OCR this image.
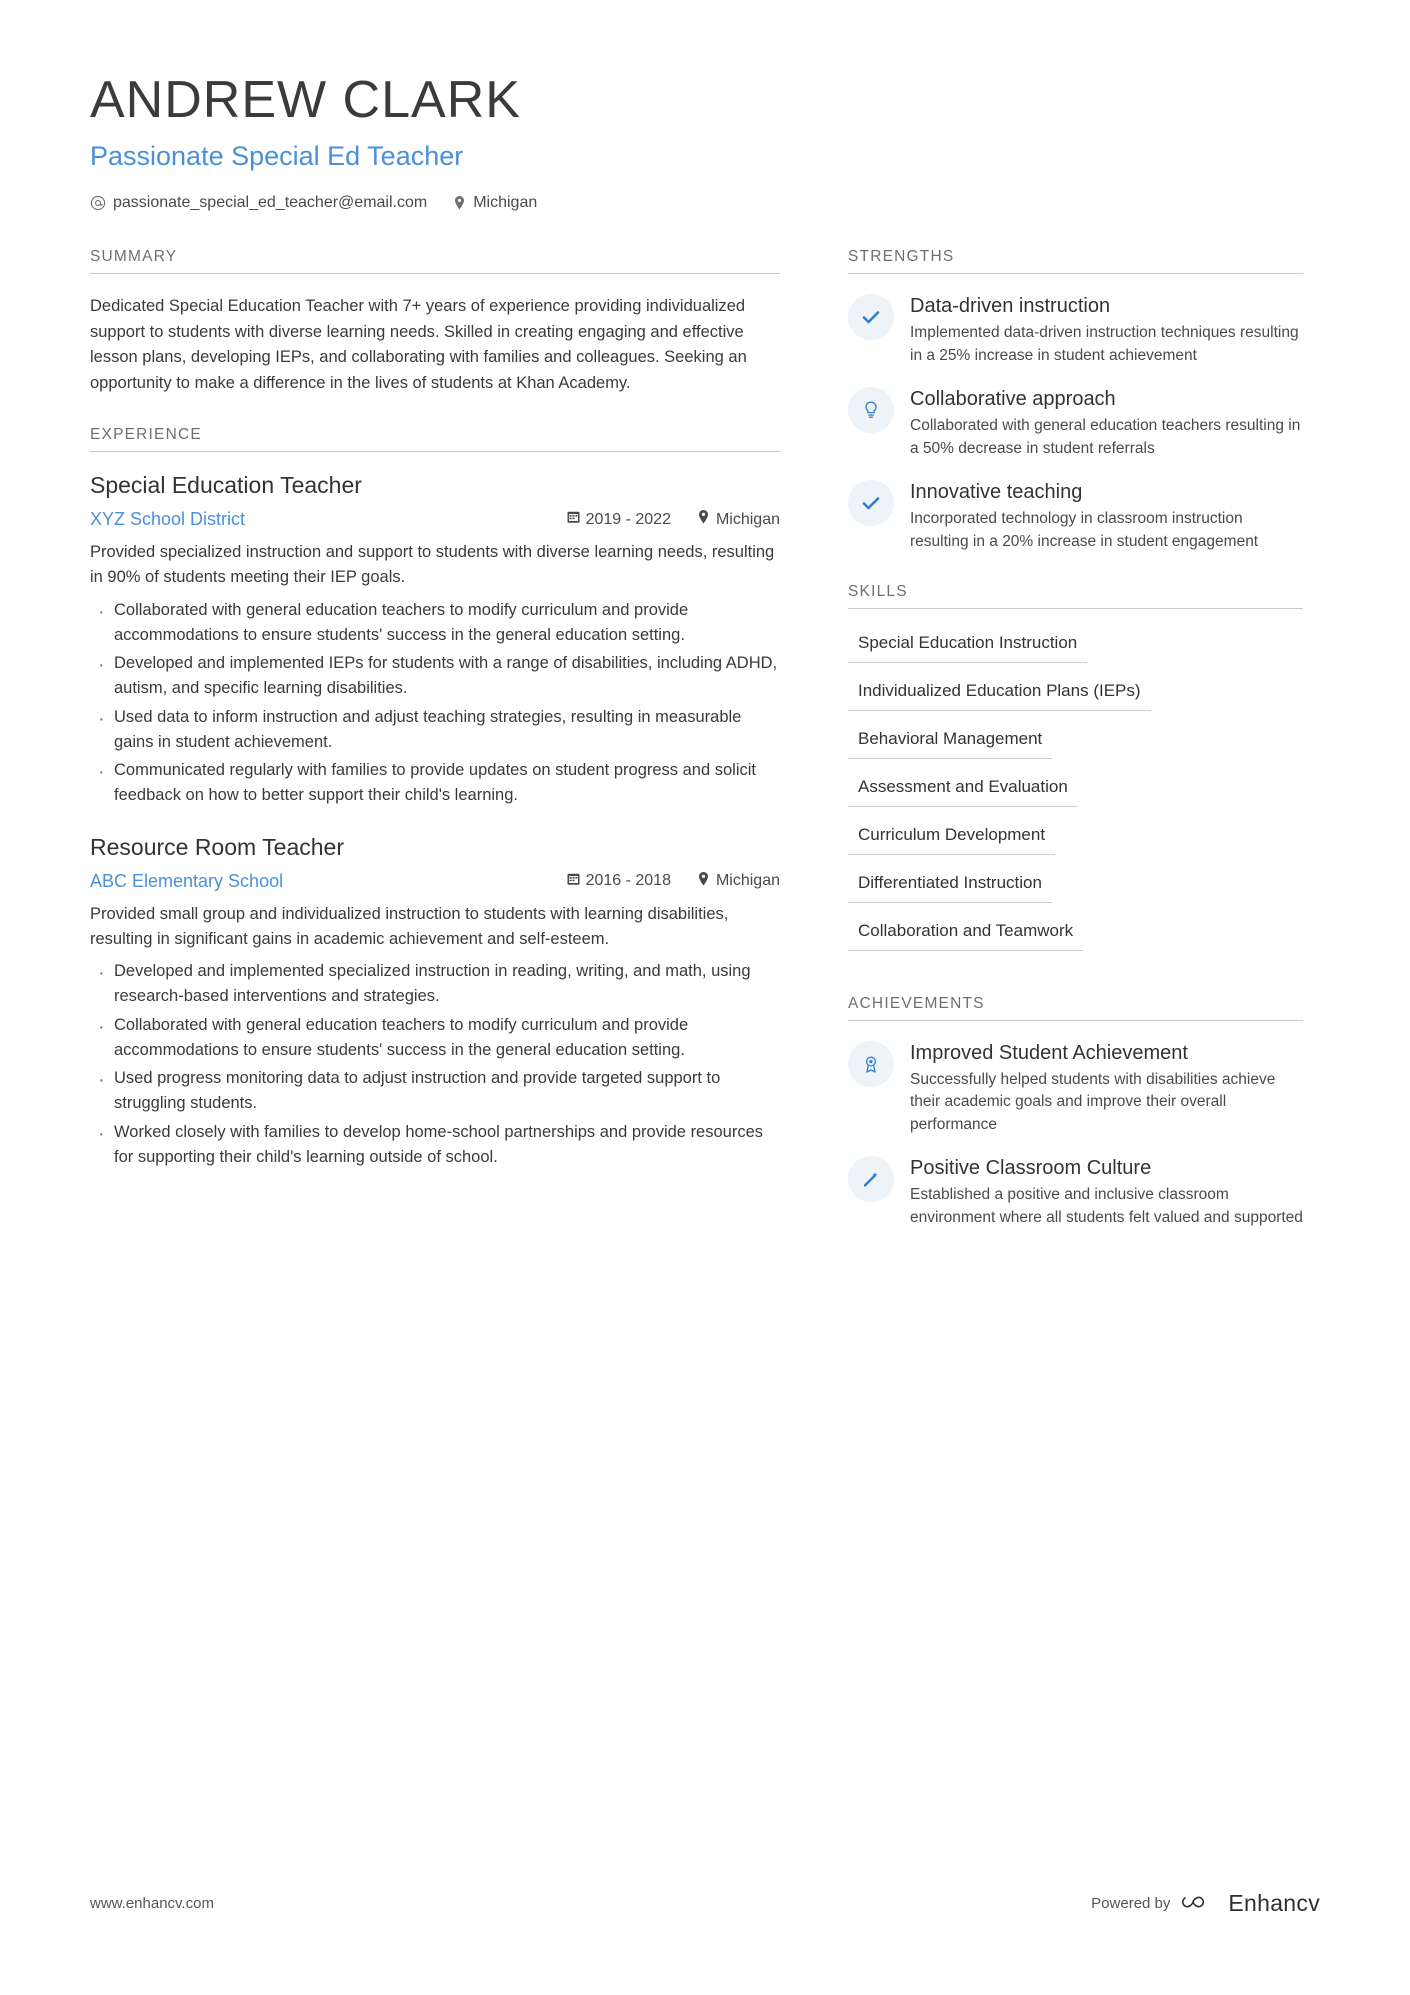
ANDREW CLARK
Passionate Special Ed Teacher
passionate_special_ed_teacher@email.com	Michigan
SUMMARY
Dedicated Special Education Teacher with 7+ years of experience providing individualized support to students with diverse learning needs. Skilled in creating engaging and effective lesson plans, developing IEPs, and collaborating with families and colleagues. Seeking an opportunity to make a difference in the lives of students at Khan Academy.
EXPERIENCE
Special Education Teacher
XYZ School District	2019 - 2022	Michigan
Provided specialized instruction and support to students with diverse learning needs, resulting in 90% of students meeting their IEP goals.
· Collaborated with general education teachers to modify curriculum and provide accommodations to ensure students' success in the general education setting.
· Developed and implemented IEPs for students with a range of disabilities, including ADHD, autism, and specific learning disabilities.
· Used data to inform instruction and adjust teaching strategies, resulting in measurable gains in student achievement.
· Communicated regularly with families to provide updates on student progress and solicit feedback on how to better support their child's learning.
Resource Room Teacher
ABC Elementary School	2016 - 2018	Michigan
Provided small group and individualized instruction to students with learning disabilities, resulting in significant gains in academic achievement and self-esteem.
· Developed and implemented specialized instruction in reading, writing, and math, using research-based interventions and strategies.
· Collaborated with general education teachers to modify curriculum and provide accommodations to ensure students' success in the general education setting.
· Used progress monitoring data to adjust instruction and provide targeted support to struggling students.
· Worked closely with families to develop home-school partnerships and provide resources for supporting their child's learning outside of school.
STRENGTHS
Data-driven instruction
Implemented data-driven instruction techniques resulting in a 25% increase in student achievement
Collaborative approach
Collaborated with general education teachers resulting in a 50% decrease in student referrals
Innovative teaching
Incorporated technology in classroom instruction resulting in a 20% increase in student engagement
SKILLS
Special Education Instruction
Individualized Education Plans (IEPs)
Behavioral Management
Assessment and Evaluation
Curriculum Development
Differentiated Instruction
Collaboration and Teamwork
ACHIEVEMENTS
Improved Student Achievement
Successfully helped students with disabilities achieve their academic goals and improve their overall performance
Positive Classroom Culture
Established a positive and inclusive classroom environment where all students felt valued and supported
www.enhancv.com	Powered by	Enhancv
